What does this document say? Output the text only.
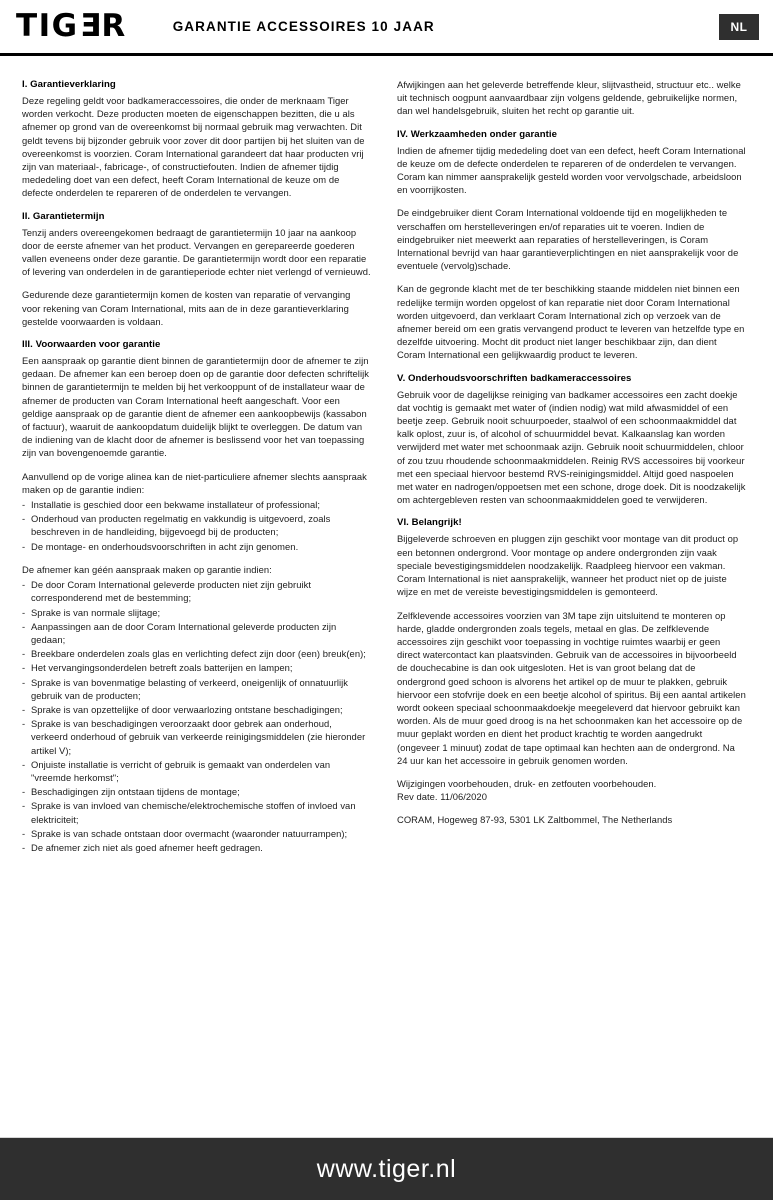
TIG E R	GARANTIE ACCESSOIRES 10 JAAR	NL
I. Garantieverklaring

Deze regeling geldt voor badkameraccessoires, die onder de merknaam Tiger worden verkocht. Deze producten moeten de eigenschappen bezitten, die u als afnemer op grond van de overeenkomst bij normaal gebruik mag verwachten. Dit geldt tevens bij bijzonder gebruik voor zover dit door partijen bij het sluiten van de overeenkomst is voorzien. Coram International garandeert dat haar producten vrij zijn van materiaal-, fabricage-, of constructiefouten. Indien de afnemer tijdig mededeling doet van een defect, heeft Coram International de keuze om de defecte onderdelen te repareren of de onderdelen te vervangen.

II. Garantietermijn

Tenzij anders overeengekomen bedraagt de garantietermijn 10 jaar na aankoop door de eerste afnemer van het product. Vervangen en gerepareerde goederen vallen eveneens onder deze garantie. De garantietermijn wordt door een reparatie of levering van onderdelen in de garantieperiode echter niet verlengd of vernieuwd.

Gedurende deze garantietermijn komen de kosten van reparatie of vervanging voor rekening van Coram International, mits aan de in deze garantieverklaring gestelde voorwaarden is voldaan.

III. Voorwaarden voor garantie

Een aanspraak op garantie dient binnen de garantietermijn door de afnemer te zijn gedaan. De afnemer kan een beroep doen op de garantie door defecten schriftelijk binnen de garantietermijn te melden bij het verkooppunt of de installateur waar de afnemer de producten van Coram International heeft aangeschaft. Voor een geldige aanspraak op de garantie dient de afnemer een aankoopbewijs (kassabon of factuur), waaruit de aankoopdatum duidelijk blijkt te overleggen. De datum van de indiening van de klacht door de afnemer is beslissend voor het van toepassing zijn van bovengenoemde garantie.

Aanvullend op de vorige alinea kan de niet-particuliere afnemer slechts aanspraak maken op de garantie indien:

- Installatie is geschied door een bekwame installateur of professional;
- Onderhoud van producten regelmatig en vakkundig is uitgevoerd, zoals beschreven in de handleiding, bijgevoegd bij de producten;
- De montage- en onderhoudsvoorschriften in acht zijn genomen.

De afnemer kan géén aanspraak maken op garantie indien:

- De door Coram International geleverde producten niet zijn gebruikt corresponderend met de bestemming;
- Sprake is van normale slijtage;
- Aanpassingen aan de door Coram International geleverde producten zijn gedaan;
- Breekbare onderdelen zoals glas en verlichting defect zijn door (een) breuk(en);
- Het vervangingsonderdelen betreft zoals batterijen en lampen;
- Sprake is van bovenmatige belasting of verkeerd, oneigenlijk of onnatuurlijk gebruik van de producten;
- Sprake is van opzettelijke of door verwaarlozing ontstane beschadigingen;
- Sprake is van beschadigingen veroorzaakt door gebrek aan onderhoud, verkeerd onderhoud of gebruik van verkeerde reinigingsmiddelen (zie hieronder artikel V);
- Onjuiste installatie is verricht of gebruik is gemaakt van onderdelen van "vreemde herkomst";
- Beschadigingen zijn ontstaan tijdens de montage;
- Sprake is van invloed van chemische/elektrochemische stoffen of invloed van elektriciteit;
- Sprake is van schade ontstaan door overmacht (waaronder natuurrampen);
- De afnemer zich niet als goed afnemer heeft gedragen.

Afwijkingen aan het geleverde betreffende kleur, slijtvastheid, structuur etc.. welke uit technisch oogpunt aanvaardbaar zijn volgens geldende, gebruikelijke normen, dan wel handelsgebruik, sluiten het recht op garantie uit.

IV. Werkzaamheden onder garantie

Indien de afnemer tijdig mededeling doet van een defect, heeft Coram International de keuze om de defecte onderdelen te repareren of de onderdelen te vervangen. Coram kan nimmer aansprakelijk gesteld worden voor vervolgschade, arbeidsloon en voorrijkosten.

De eindgebruiker dient Coram International voldoende tijd en mogelijkheden te verschaffen om herstelleveringen en/of reparaties uit te voeren. Indien de eindgebruiker niet meewerkt aan reparaties of herstelleveringen, is Coram International bevrijd van haar garantieverplichtingen en niet aansprakelijk voor de eventuele (vervolg)schade.

Kan de gegronde klacht met de ter beschikking staande middelen niet binnen een redelijke termijn worden opgelost of kan reparatie niet door Coram International worden uitgevoerd, dan verklaart Coram International zich op verzoek van de afnemer bereid om een gratis vervangend product te leveren van hetzelfde type en dezelfde uitvoering. Mocht dit product niet langer beschikbaar zijn, dan dient Coram International een gelijkwaardig product te leveren.

V. Onderhoudsvoorschriften badkameraccessoires

Gebruik voor de dagelijkse reiniging van badkamer accessoires een zacht doekje dat vochtig is gemaakt met water of (indien nodig) wat mild afwasmiddel of een beetje zeep. Gebruik nooit schuurpoeder, staalwol of een schoonmaakmiddel dat kalk oplost, zuur is, of alcohol of schuurmiddel bevat. Kalkaanslag kan worden verwijderd met water met schoonmaak azijn. Gebruik nooit schuurmiddelen, chloor of zou tzuu rhoudende schoonmaakmiddelen. Reinig RVS accessoires bij voorkeur met een speciaal hiervoor bestemd RVS-reinigingsmiddel. Altijd goed naspoelen met water en nadrogen/oppoetsen met een schone, droge doek. Dit is noodzakelijk om achtergebleven resten van schoonmaakmiddelen goed te verwijderen.

VI. Belangrijk!

Bijgeleverde schroeven en pluggen zijn geschikt voor montage van dit product op een betonnen ondergrond. Voor montage op andere ondergronden zijn vaak speciale bevestigingsmiddelen noodzakelijk. Raadpleeg hiervoor een vakman. Coram International is niet aansprakelijk, wanneer het product niet op de juiste wijze en met de vereiste bevestigingsmiddelen is gemonteerd.

Zelfklevende accessoires voorzien van 3M tape zijn uitsluitend te monteren op harde, gladde ondergronden zoals tegels, metaal en glas. De zelfklevende accessoires zijn geschikt voor toepassing in vochtige ruimtes waarbij er geen direct watercontact kan plaatsvinden. Gebruik van de accessoires in bijvoorbeeld de douchecabine is dan ook uitgesloten. Het is van groot belang dat de ondergrond goed schoon is alvorens het artikel op de muur te plakken, gebruik hiervoor een stofvrije doek en een beetje alcohol of spiritus. Bij een aantal artikelen wordt ookeen speciaal schoonmaakdoekje meegeleverd dat hiervoor gebruikt kan worden. Als de muur goed droog is na het schoonmaken kan het accessoire op de muur geplakt worden en dient het product krachtig te worden aangedrukt (ongeveer 1 minuut) zodat de tape optimaal kan hechten aan de ondergrond. Na 24 uur kan het accessoire in gebruik genomen worden.

Wijzigingen voorbehouden, druk- en zetfouten voorbehouden.
Rev date. 11/06/2020

CORAM, Hogeweg 87-93, 5301 LK Zaltbommel, The Netherlands

www.tiger.nl
